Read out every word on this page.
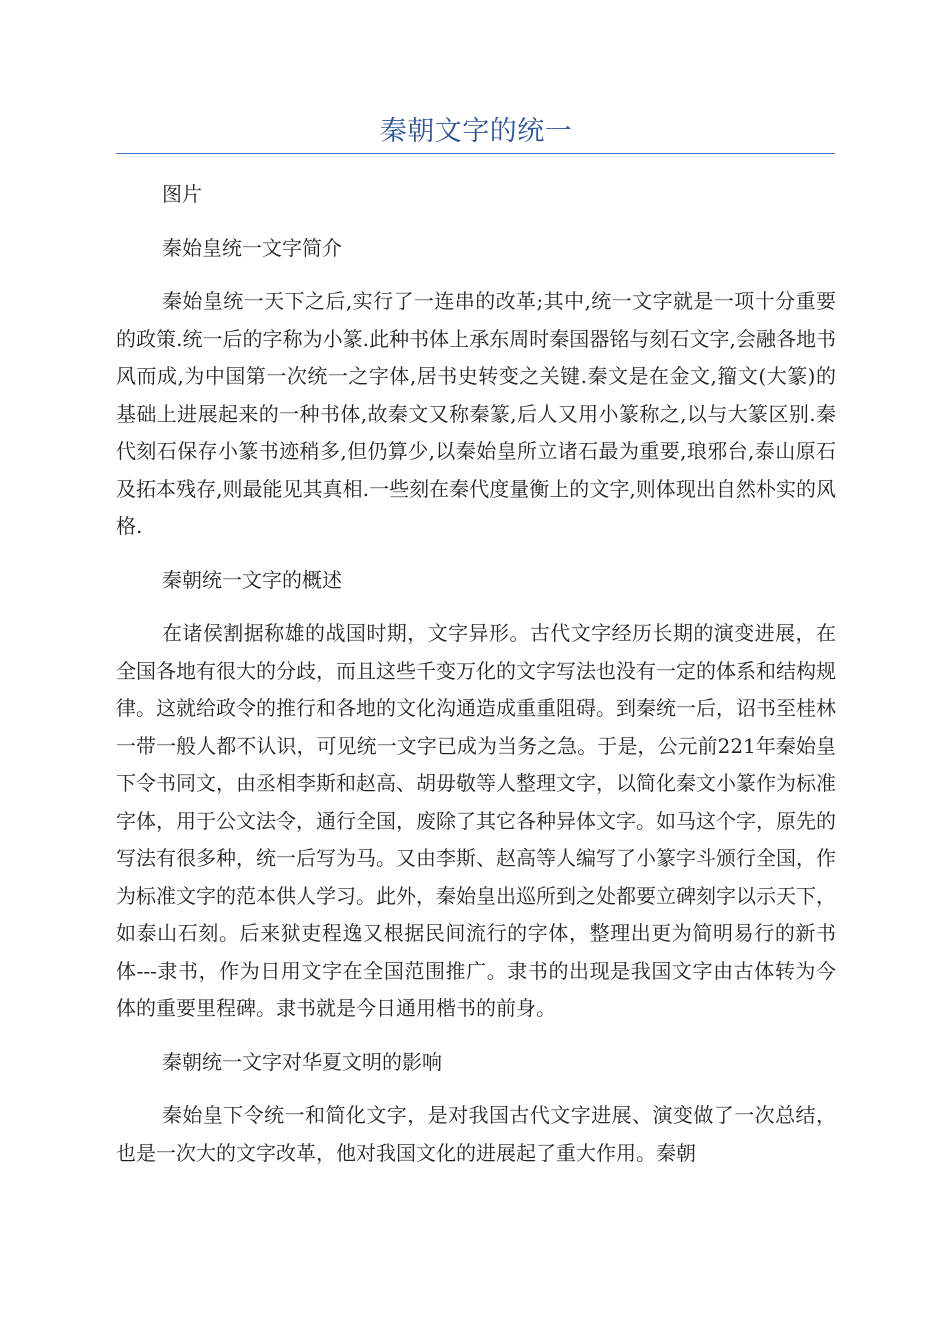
秦朝文字的统一

图片

秦始皇统一文字简介

秦始皇统一天下之后,实行了一连串的改革;其中,统一文字就是一项十分重要的政策.统一后的字称为小篆.此种书体上承东周时秦国器铭与刻石文字,会融各地书风而成,为中国第一次统一之字体,居书史转变之关键.秦文是在金文,籀文(大篆)的基础上进展起来的一种书体,故秦文又称秦篆,后人又用小篆称之,以与大篆区别.秦代刻石保存小篆书迹稍多,但仍算少,以秦始皇所立诸石最为重要,琅邪台,泰山原石及拓本残存,则最能见其真相.一些刻在秦代度量衡上的文字,则体现出自然朴实的风格.

秦朝统一文字的概述

在诸侯割据称雄的战国时期，文字异形。古代文字经历长期的演变进展，在全国各地有很大的分歧，而且这些千变万化的文字写法也没有一定的体系和结构规律。这就给政令的推行和各地的文化沟通造成重重阻碍。到秦统一后，诏书至桂林一带一般人都不认识，可见统一文字已成为当务之急。于是，公元前221年秦始皇下令书同文，由丞相李斯和赵高、胡毋敬等人整理文字，以简化秦文小篆作为标准字体，用于公文法令，通行全国，废除了其它各种异体文字。如马这个字，原先的写法有很多种，统一后写为马。又由李斯、赵高等人编写了小篆字斗颁行全国，作为标准文字的范本供人学习。此外，秦始皇出巡所到之处都要立碑刻字以示天下，如泰山石刻。后来狱吏程逸又根据民间流行的字体，整理出更为简明易行的新书体---隶书，作为日用文字在全国范围推广。隶书的出现是我国文字由古体转为今体的重要里程碑。隶书就是今日通用楷书的前身。

秦朝统一文字对华夏文明的影响

秦始皇下令统一和简化文字，是对我国古代文字进展、演变做了一次总结，也是一次大的文字改革，他对我国文化的进展起了重大作用。秦朝
